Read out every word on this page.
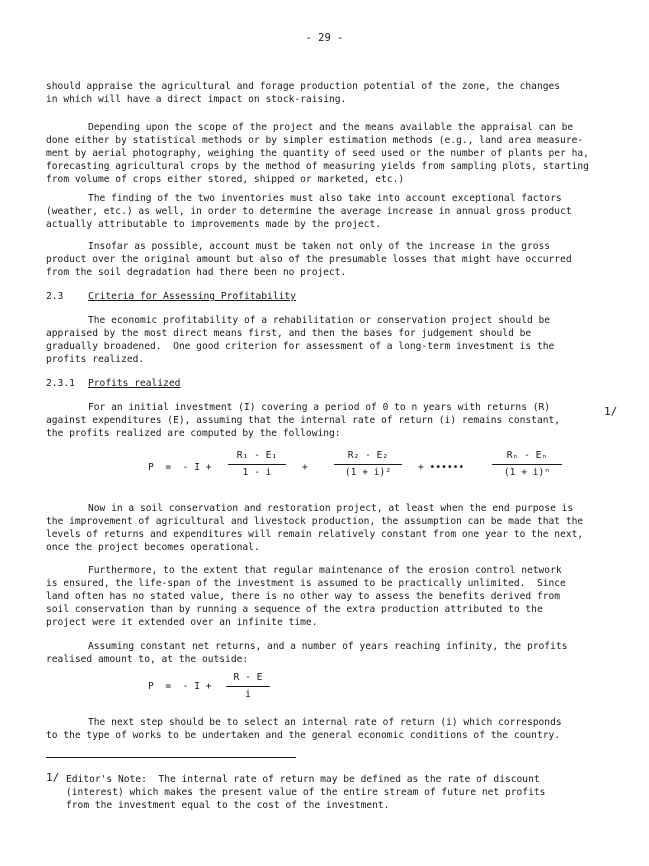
- 29 -
should appraise the agricultural and forage production potential of the zone, the changes
in which will have a direct impact on stock-raising.
Depending upon the scope of the project and the means available the appraisal can be
done either by statistical methods or by simpler estimation methods (e.g., land area measure-
ment by aerial photography, weighing the quantity of seed used or the number of plants per ha,
forecasting agricultural crops by the method of measuring yields from sampling plots, starting
from volume of crops either stored, shipped or marketed, etc.)
The finding of the two inventories must also take into account exceptional factors
(weather, etc.) as well, in order to determine the average increase in annual gross product
actually attributable to improvements made by the project.
Insofar as possible, account must be taken not only of the increase in the gross
product over the original amount but also of the presumable losses that might have occurred
from the soil degradation had there been no project.
2.3	Criteria for Assessing Profitability
The economic profitability of a rehabilitation or conservation project should be
appraised by the most direct means first, and then the bases for judgement should be
gradually broadened.  One good criterion for assessment of a long-term investment is the
profits realized.
2.3.1 Profits realized
For an initial investment (I) covering a period of 0 to n years with returns (R)
against expenditures (E), assuming that the internal rate of return (i) remains constant,
the profits realized are computed by the following:
1/
P  =  - I +
R₁ - E₁
1 - i	+
R₂ - E₂
(1 + i)²	+ ••••••
Rₙ - Eₙ
(1 + i)ⁿ
Now in a soil conservation and restoration project, at least when the end purpose is
the improvement of agricultural and livestock production, the assumption can be made that the
levels of returns and expenditures will remain relatively constant from one year to the next,
once the project becomes operational.
Furthermore, to the extent that regular maintenance of the erosion control network
is ensured, the life-span of the investment is assumed to be practically unlimited.  Since
land often has no stated value, there is no other way to assess the benefits derived from
soil conservation than by running a sequence of the extra production attributed to the
project were it extended over an infinite time.
Assuming constant net returns, and a number of years reaching infinity, the profits
realised amount to, at the outside:
P  =  - I +
R - E
i
The next step should be to select an internal rate of return (i) which corresponds
to the type of works to be undertaken and the general economic conditions of the country.
1/ Editor's Note:  The internal rate of return may be defined as the rate of discount
(interest) which makes the present value of the entire stream of future net profits
from the investment equal to the cost of the investment.
